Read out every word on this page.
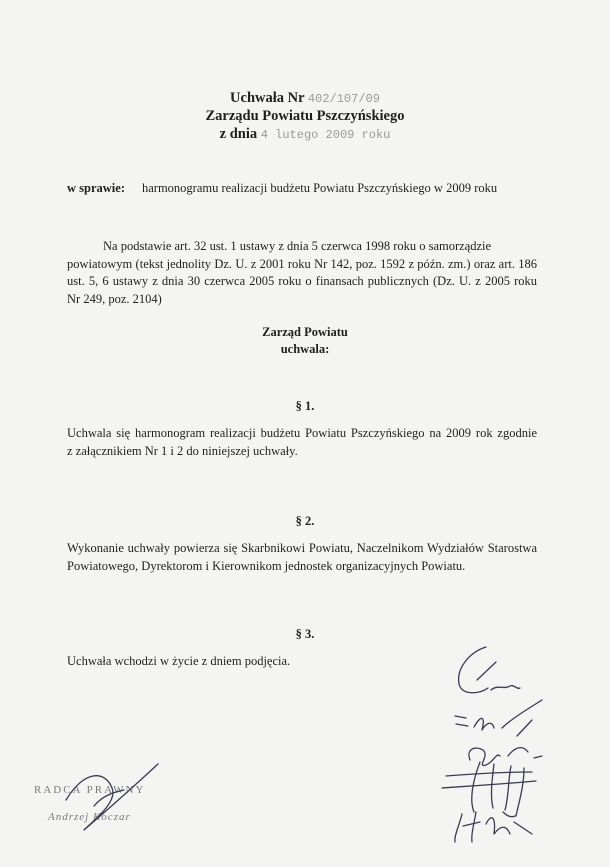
Uchwała Nr 402/107/09
Zarządu Powiatu Pszczyńskiego
z dnia 4 lutego 2009 roku
w sprawie: harmonogramu realizacji budżetu Powiatu Pszczyńskiego w 2009 roku
Na podstawie art. 32 ust. 1 ustawy z dnia 5 czerwca 1998 roku o samorządzie
powiatowym (tekst jednolity Dz. U. z 2001 roku Nr 142, poz. 1592 z późn. zm.) oraz art. 186
ust. 5, 6 ustawy z dnia 30 czerwca 2005 roku o finansach publicznych (Dz. U. z 2005 roku
Nr 249, poz. 2104)
Zarząd Powiatu
uchwala:
§ 1.
Uchwala się harmonogram realizacji budżetu Powiatu Pszczyńskiego na 2009 rok zgodnie
z załącznikiem Nr 1 i 2 do niniejszej uchwały.
§ 2.
Wykonanie uchwały powierza się Skarbnikowi Powiatu, Naczelnikom Wydziałów Starostwa
Powiatowego, Dyrektorom i Kierownikom jednostek organizacyjnych Powiatu.
§ 3.
Uchwała wchodzi w życie z dniem podjęcia.
RADCA PRAWNY
Andrzej Koczar
